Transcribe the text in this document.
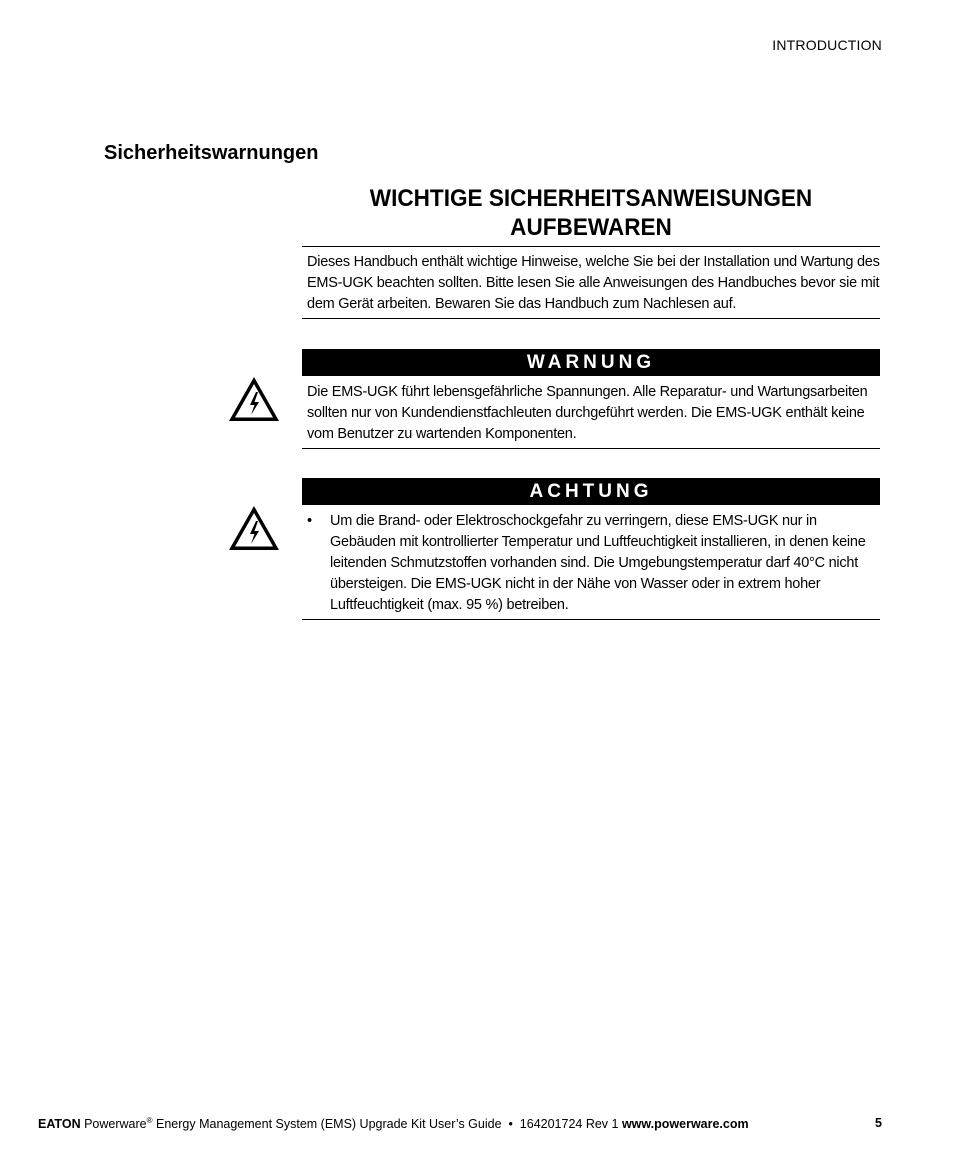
INTRODUCTION
Sicherheitswarnungen
WICHTIGE SICHERHEITSANWEISUNGEN
AUFBEWAREN
Dieses Handbuch enthält wichtige Hinweise, welche Sie bei der Installation und Wartung des EMS-UGK beachten sollten. Bitte lesen Sie alle Anweisungen des Handbuches bevor sie mit dem Gerät arbeiten. Bewaren Sie das Handbuch zum Nachlesen auf.
WARNUNG
Die EMS-UGK führt lebensgefährliche Spannungen. Alle Reparatur- und Wartungsarbeiten sollten nur von Kundendienstfachleuten durchgeführt werden. Die EMS-UGK enthält keine vom Benutzer zu wartenden Komponenten.
ACHTUNG
•	Um die Brand- oder Elektroschockgefahr zu verringern, diese EMS-UGK nur in Gebäuden mit kontrollierter Temperatur und Luftfeuchtigkeit installieren, in denen keine leitenden Schmutzstoffen vorhanden sind. Die Umgebungstemperatur darf 40°C nicht übersteigen. Die EMS-UGK nicht in der Nähe von Wasser oder in extrem hoher Luftfeuchtigkeit (max. 95 %) betreiben.
EATON Powerware® Energy Management System (EMS) Upgrade Kit User’s Guide  •  164201724 Rev 1 www.powerware.com	5
